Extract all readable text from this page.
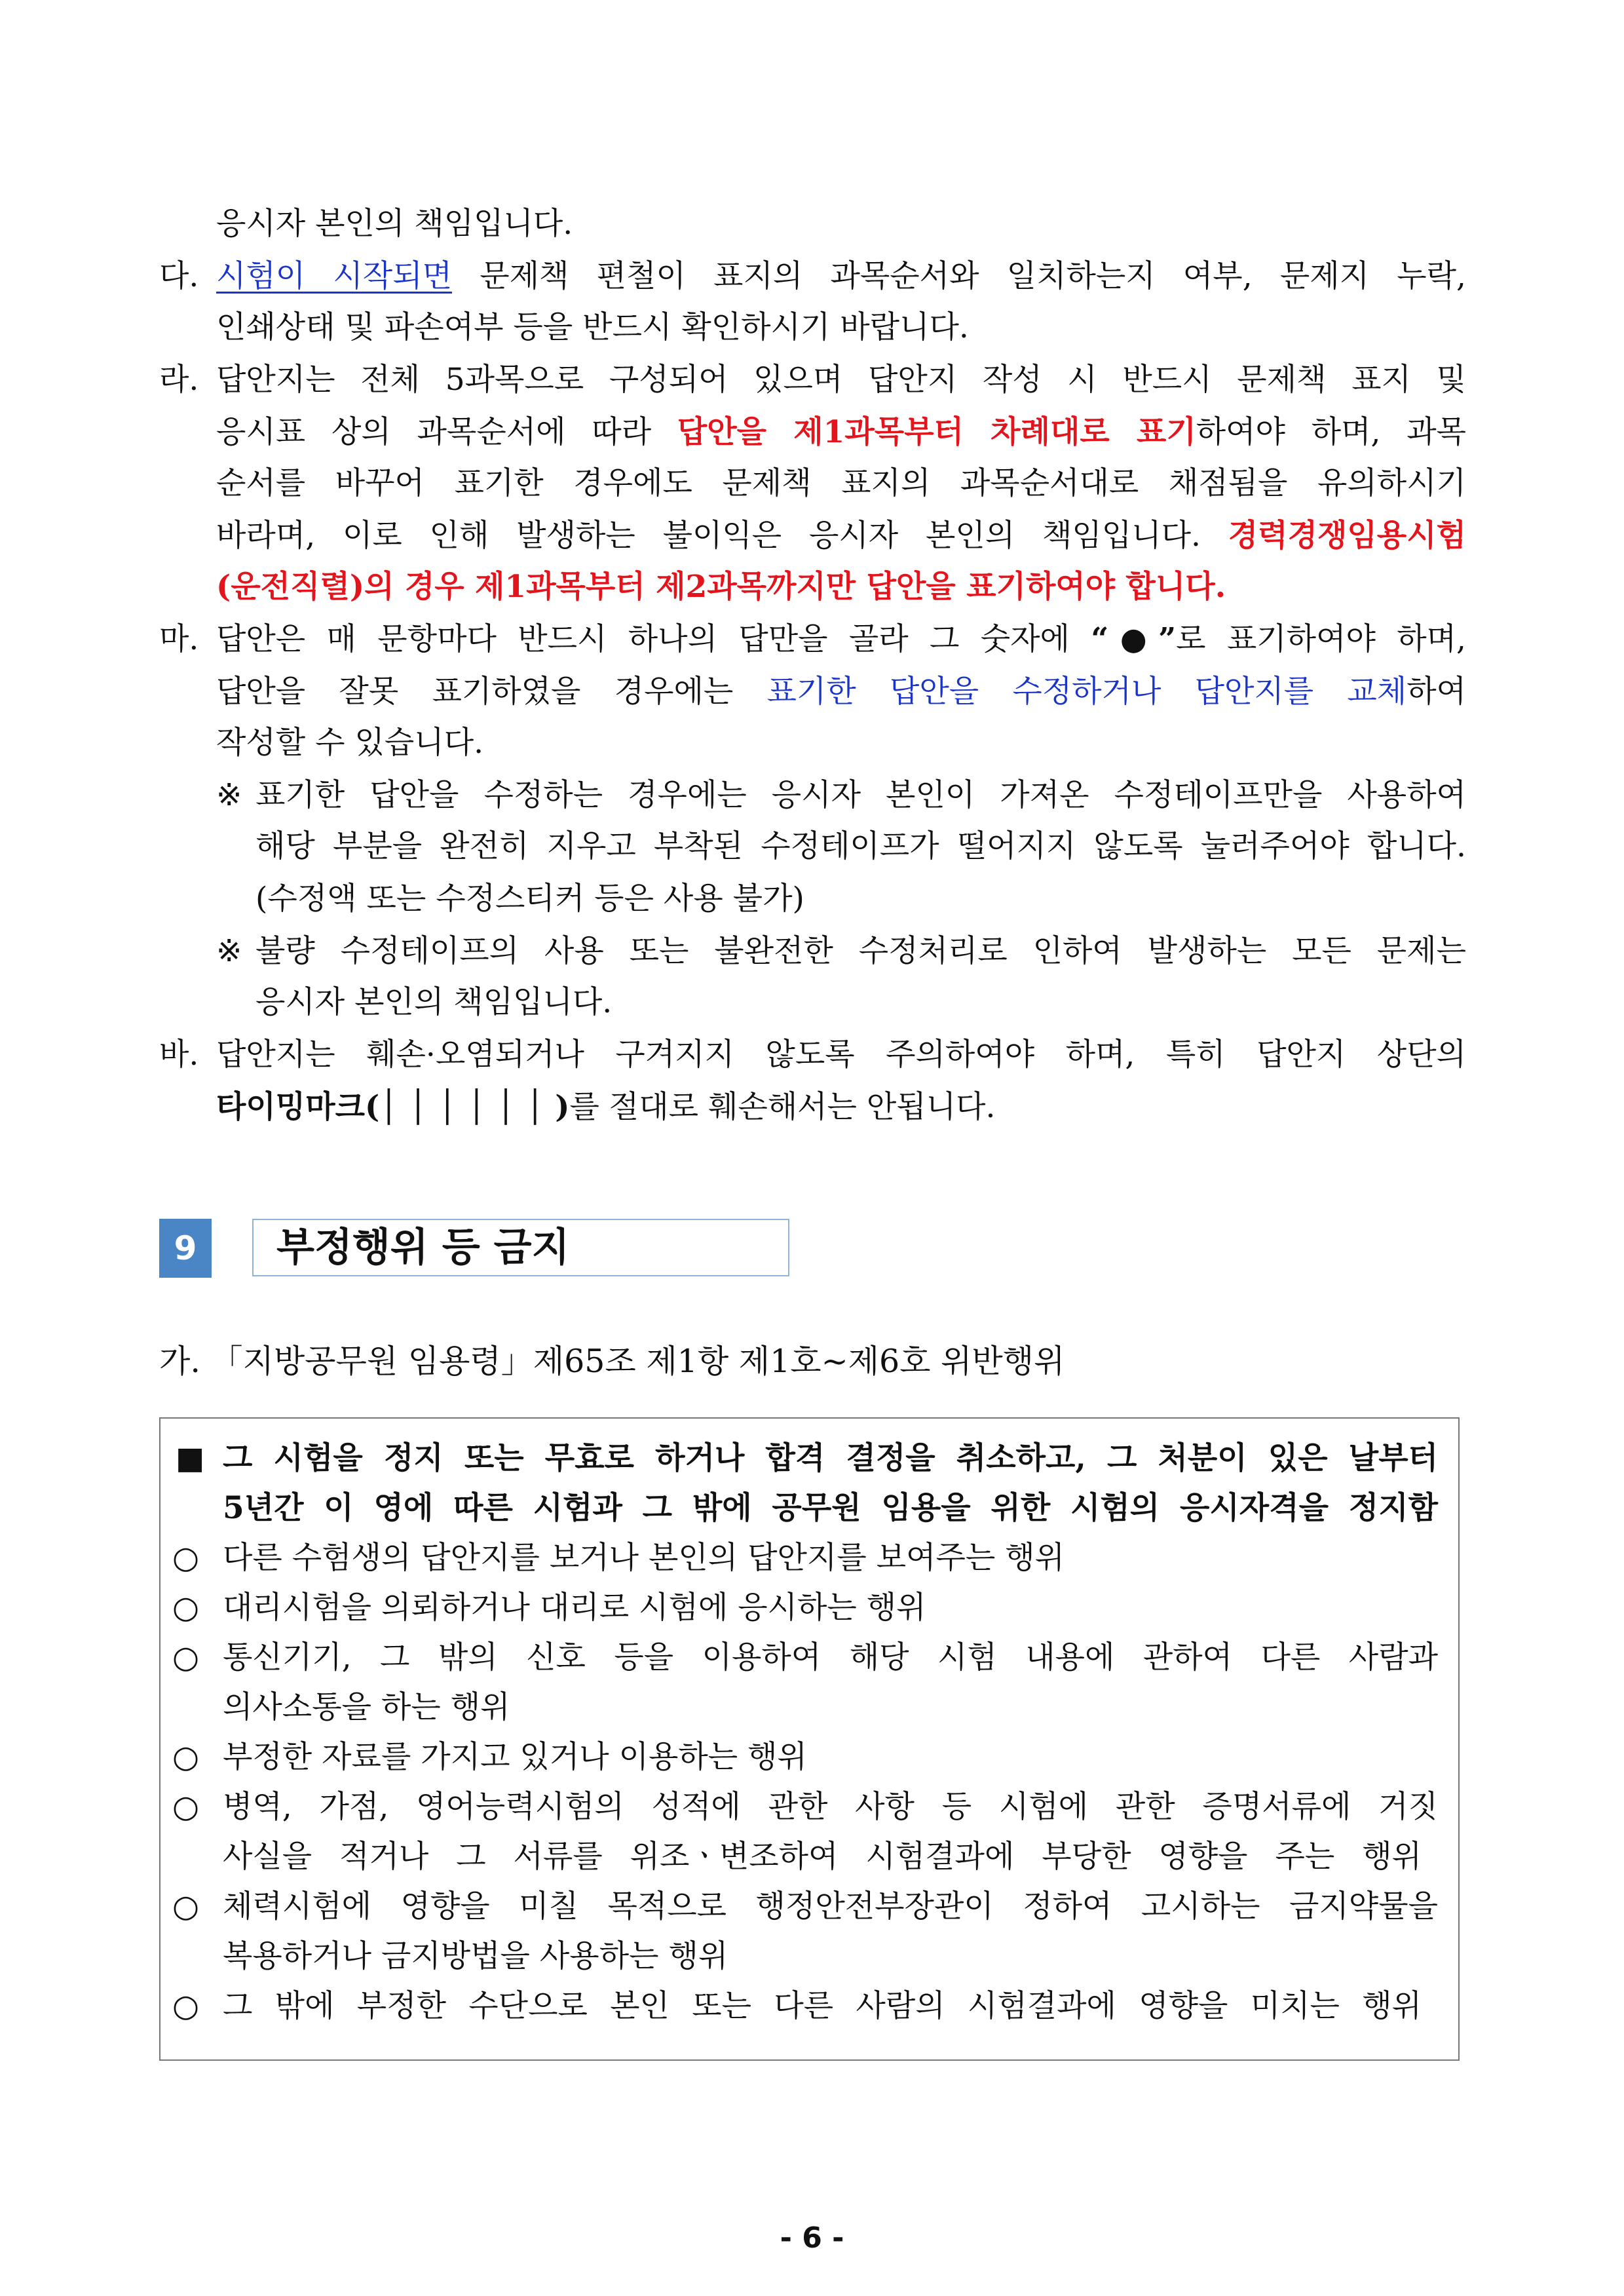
응시자 본인의 책임입니다.
다. 시험이 시작되면 문제책 편철이 표지의 과목순서와 일치하는지 여부, 문제지 누락,
인쇄상태 및 파손여부 등을 반드시 확인하시기 바랍니다.
라. 답안지는 전체 5과목으로 구성되어 있으며 답안지 작성 시 반드시 문제책 표지 및
응시표 상의 과목순서에 따라 답안을 제1과목부터 차례대로 표기하여야 하며, 과목
순서를 바꾸어 표기한 경우에도 문제책 표지의 과목순서대로 채점됨을 유의하시기
바라며, 이로 인해 발생하는 불이익은 응시자 본인의 책임입니다. 경력경쟁임용시험
(운전직렬)의 경우 제1과목부터 제2과목까지만 답안을 표기하여야 합니다.
마. 답안은 매 문항마다 반드시 하나의 답만을 골라 그 숫자에 “●”로 표기하여야 하며,
답안을 잘못 표기하였을 경우에는 표기한 답안을 수정하거나 답안지를 교체하여
작성할 수 있습니다.
※ 표기한 답안을 수정하는 경우에는 응시자 본인이 가져온 수정테이프만을 사용하여
해당 부분을 완전히 지우고 부착된 수정테이프가 떨어지지 않도록 눌러주어야 합니다.
(수정액 또는 수정스티커 등은 사용 불가)
※ 불량 수정테이프의 사용 또는 불완전한 수정처리로 인하여 발생하는 모든 문제는
응시자 본인의 책임입니다.
바. 답안지는 훼손·오염되거나 구겨지지 않도록 주의하여야 하며, 특히 답안지 상단의
타이밍마크(│ │ │ │ │ │ )를 절대로 훼손해서는 안됩니다.
9	부정행위 등 금지
가. 「지방공무원 임용령」제65조 제1항 제1호~제6호 위반행위
■ 그 시험을 정지 또는 무효로 하거나 합격 결정을 취소하고, 그 처분이 있은 날부터
5년간 이 영에 따른 시험과 그 밖에 공무원 임용을 위한 시험의 응시자격을 정지함
○ 다른 수험생의 답안지를 보거나 본인의 답안지를 보여주는 행위
○ 대리시험을 의뢰하거나 대리로 시험에 응시하는 행위
○ 통신기기, 그 밖의 신호 등을 이용하여 해당 시험 내용에 관하여 다른 사람과
의사소통을 하는 행위
○ 부정한 자료를 가지고 있거나 이용하는 행위
○ 병역, 가점, 영어능력시험의 성적에 관한 사항 등 시험에 관한 증명서류에 거짓
사실을 적거나 그 서류를 위조ㆍ변조하여 시험결과에 부당한 영향을 주는 행위
○ 체력시험에 영향을 미칠 목적으로 행정안전부장관이 정하여 고시하는 금지약물을
복용하거나 금지방법을 사용하는 행위
○ 그 밖에 부정한 수단으로 본인 또는 다른 사람의 시험결과에 영향을 미치는 행위
- 6 -
